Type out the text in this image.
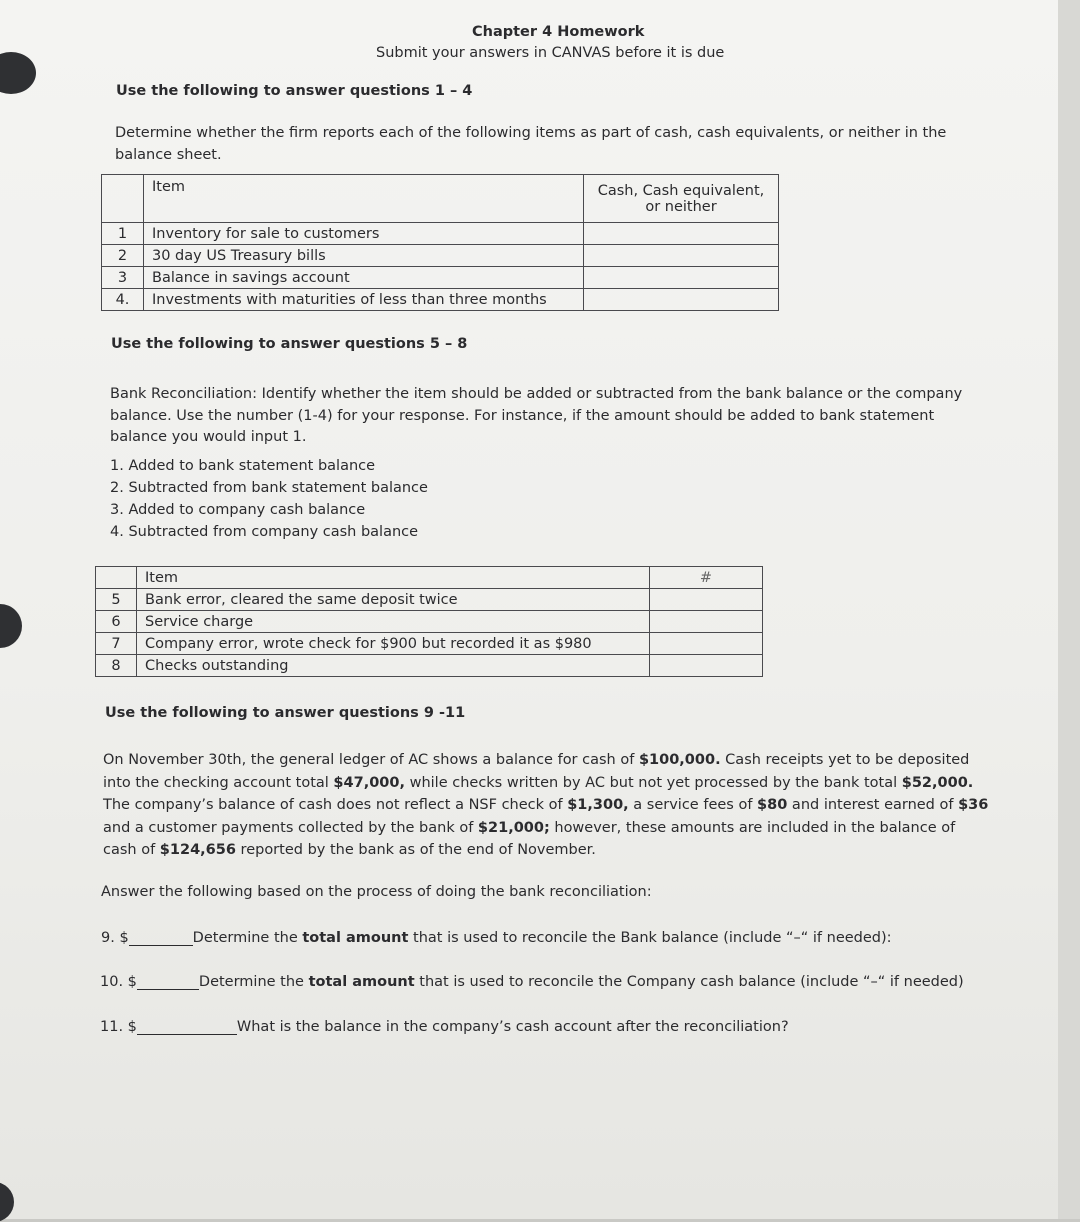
Chapter 4 Homework
Submit your answers in CANVAS before it is due
Use the following to answer questions 1 – 4
Determine whether the firm reports each of the following items as part of cash, cash equivalents, or neither in the balance sheet.
	Item	Cash, Cash equivalent,
or neither

1	Inventory for sale to customers	
2	30 day US Treasury bills	
3	Balance in savings account	
4.	Investments with maturities of less than three months	
Use the following to answer questions 5 – 8
Bank Reconciliation: Identify whether the item should be added or subtracted from the bank balance or the company balance. Use the number (1-4) for your response. For instance, if the amount should be added to bank statement balance you would input 1.
1. Added to bank statement balance
2. Subtracted from bank statement balance
3. Added to company cash balance
4. Subtracted from company cash balance
	Item	#
5	Bank error, cleared the same deposit twice	
6	Service charge	
7	Company error, wrote check for $900 but recorded it as $980	
8	Checks outstanding	
Use the following to answer questions 9 -11
On November 30th, the general ledger of AC shows a balance for cash of $100,000. Cash receipts yet to be deposited into the checking account total $47,000, while checks written by AC but not yet processed by the bank total $52,000. The company’s balance of cash does not reflect a NSF check of $1,300, a service fees of $80 and interest earned of $36 and a customer payments collected by the bank of $21,000; however, these amounts are included in the balance of cash of $124,656 reported by the bank as of the end of November.
Answer the following based on the process of doing the bank reconciliation:
9. $	Determine the total amount that is used to reconcile the Bank balance (include “–“ if needed):
10. $	Determine the total amount that is used to reconcile the Company cash balance (include “–“ if needed)
11. $	What is the balance in the company’s cash account after the reconciliation?
